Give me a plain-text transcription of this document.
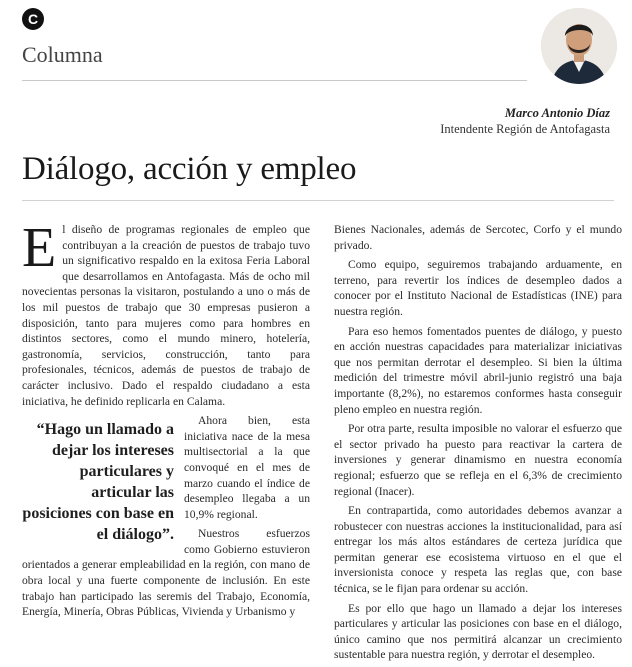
C
Columna
Marco Antonio Díaz
Intendente Región de Antofagasta
Diálogo, acción y empleo

El diseño de programas regionales de empleo que contribuyan a la creación de puestos de trabajo tuvo un significativo respaldo en la exitosa Feria Laboral que desarrollamos en Antofagasta. Más de ocho mil novecientas personas la visitaron, postulando a uno o más de los mil puestos de trabajo que 30 empresas pusieron a disposición, tanto para mujeres como para hombres en distintos sectores, como el mundo minero, hotelería, gastronomía, servicios, construcción, tanto para profesionales, técnicos, además de puestos de trabajo de carácter inclusivo. Dado el respaldo ciudadano a esta iniciativa, he definido replicarla en Calama.

“Hago un llamado a dejar los intereses particulares y articular las posiciones con base en el diálogo”.

Ahora bien, esta iniciativa nace de la mesa multisectorial a la que convoqué en el mes de marzo cuando el índice de desempleo llegaba a un 10,9% regional.

Nuestros esfuerzos como Gobierno estuvieron orientados a generar empleabilidad en la región, con mano de obra local y una fuerte componente de inclusión. En este trabajo han participado las seremis del Trabajo, Economía, Energía, Minería, Obras Públicas, Vivienda y Urbanismo y

Bienes Nacionales, además de Sercotec, Corfo y el mundo privado.

Como equipo, seguiremos trabajando arduamente, en terreno, para revertir los índices de desempleo dados a conocer por el Instituto Nacional de Estadísticas (INE) para nuestra región.

Para eso hemos fomentados puentes de diálogo, y puesto en acción nuestras capacidades para materializar iniciativas que nos permitan derrotar el desempleo. Si bien la última medición del trimestre móvil abril-junio registró una baja importante (8,2%), no estaremos conformes hasta conseguir pleno empleo en nuestra región.

Por otra parte, resulta imposible no valorar el esfuerzo que el sector privado ha puesto para reactivar la cartera de inversiones y generar dinamismo en nuestra economía regional; esfuerzo que se refleja en el 6,3% de crecimiento regional (Inacer).

En contrapartida, como autoridades debemos avanzar a robustecer con nuestras acciones la institucionalidad, para así entregar los más altos estándares de certeza jurídica que permitan generar ese ecosistema virtuoso en el que el inversionista conoce y respeta las reglas que, con base técnica, se le fijan para ordenar su acción.

Es por ello que hago un llamado a dejar los intereses particulares y articular las posiciones con base en el diálogo, único camino que nos permitirá alcanzar un crecimiento sustentable para nuestra región, y derrotar el desempleo.
